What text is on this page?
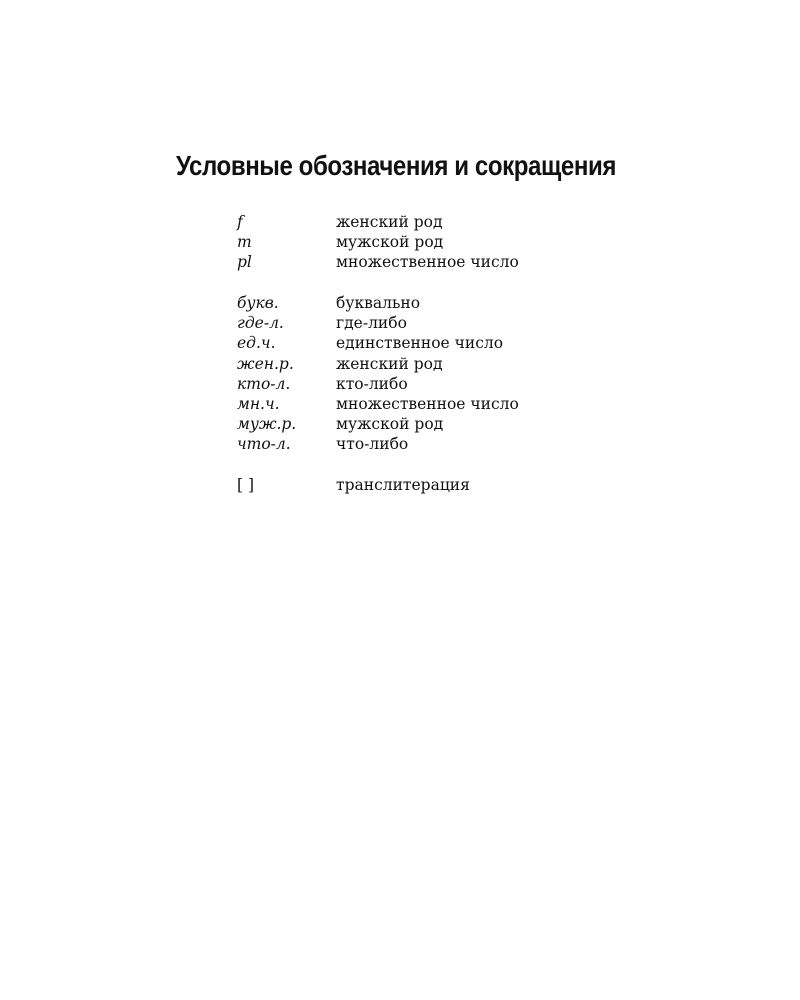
Условные обозначения и сокращения
f	женский род
m	мужской род
pl	множественное число
букв.	буквально
где-л.	где-либо
ед.ч.	единственное число
жен.р.	женский род
кто-л.	кто-либо
мн.ч.	множественное число
муж.р.	мужской род
что-л.	что-либо
[ ]	транслитерация
